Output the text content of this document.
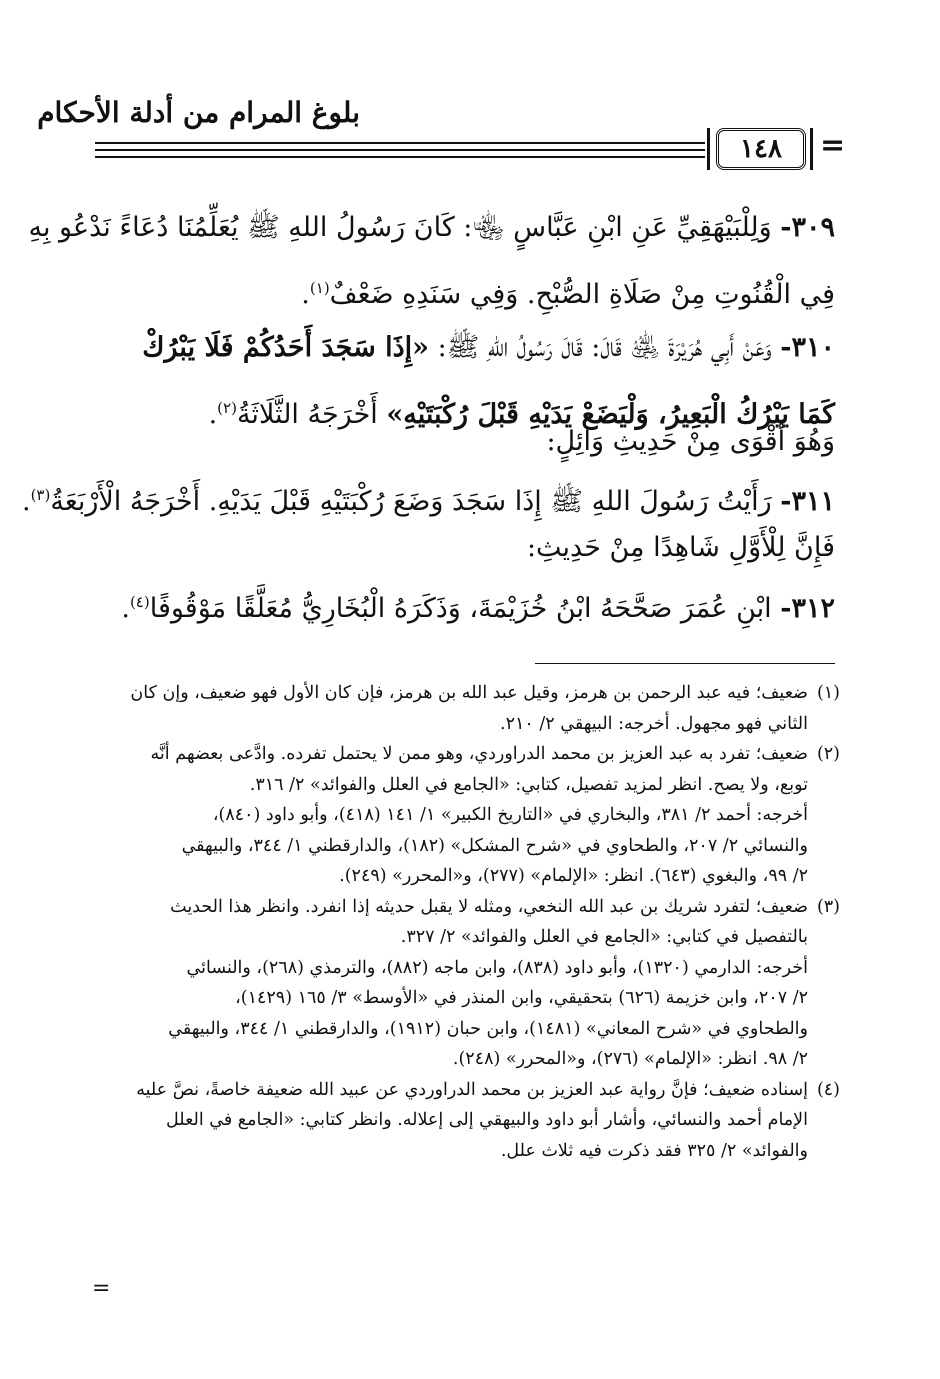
بلوغ المرام من أدلة الأحكام
١٤٨	=
٣٠٩- وَلِلْبَيْهَقِيِّ عَنِ ابْنِ عَبَّاسٍ ﵄: كَانَ رَسُولُ اللهِ ﷺ يُعَلِّمُنَا دُعَاءً نَدْعُو بِهِ
فِي الْقُنُوتِ مِنْ صَلَاةِ الصُّبْحِ. وَفِي سَنَدِهِ ضَعْفٌ$^{(١)}$.
٣١٠- وَعَنْ أَبِي هُرَيْرَةَ ﵁ قَالَ: قَالَ رَسُولُ اللهِ ﷺ: «إِذَا سَجَدَ أَحَدُكُمْ فَلَا يَبْرُكْ
كَمَا يَبْرُكُ الْبَعِيرُ، وَلْيَضَعْ يَدَيْهِ قَبْلَ رُكْبَتَيْهِ» أَخْرَجَهُ الثَّلَاثَةُ$^{(٢)}$.
وَهُوَ أَقْوَى مِنْ حَدِيثِ وَائِلٍ:
٣١١- رَأَيْتُ رَسُولَ اللهِ ﷺ إِذَا سَجَدَ وَضَعَ رُكْبَتَيْهِ قَبْلَ يَدَيْهِ. أَخْرَجَهُ الْأَرْبَعَةُ$^{(٣)}$.
فَإِنَّ لِلْأَوَّلِ شَاهِدًا مِنْ حَدِيثِ:
٣١٢- ابْنِ عُمَرَ صَحَّحَهُ ابْنُ خُزَيْمَةَ، وَذَكَرَهُ الْبُخَارِيُّ مُعَلَّقًا مَوْقُوفًا$^{(٤)}$.
(١)ضعيف؛ فيه عبد الرحمن بن هرمز، وقيل عبد الله بن هرمز، فإن كان الأول فهو ضعيف، وإن كان
الثاني فهو مجهول. أخرجه: البيهقي ٢/ ٢١٠.
(٢)ضعيف؛ تفرد به عبد العزيز بن محمد الدراوردي، وهو ممن لا يحتمل تفرده. وادَّعى بعضهم أنَّه
توبع، ولا يصح. انظر لمزيد تفصيل، كتابي: «الجامع في العلل والفوائد» ٢/ ٣١٦.
أخرجه: أحمد ٢/ ٣٨١، والبخاري في «التاريخ الكبير» ١/ ١٤١ (٤١٨)، وأبو داود (٨٤٠)،
والنسائي ٢/ ٢٠٧، والطحاوي في «شرح المشكل» (١٨٢)، والدارقطني ١/ ٣٤٤، والبيهقي
٢/ ٩٩، والبغوي (٦٤٣). انظر: «الإلمام» (٢٧٧)، و«المحرر» (٢٤٩).
(٣)ضعيف؛ لتفرد شريك بن عبد الله النخعي، ومثله لا يقبل حديثه إذا انفرد. وانظر هذا الحديث
بالتفصيل في كتابي: «الجامع في العلل والفوائد» ٢/ ٣٢٧.
أخرجه: الدارمي (١٣٢٠)، وأبو داود (٨٣٨)، وابن ماجه (٨٨٢)، والترمذي (٢٦٨)، والنسائي
٢/ ٢٠٧، وابن خزيمة (٦٢٦) بتحقيقي، وابن المنذر في «الأوسط» ٣/ ١٦٥ (١٤٢٩)،
والطحاوي في «شرح المعاني» (١٤٨١)، وابن حبان (١٩١٢)، والدارقطني ١/ ٣٤٤، والبيهقي
٢/ ٩٨. انظر: «الإلمام» (٢٧٦)، و«المحرر» (٢٤٨).
(٤)إسناده ضعيف؛ فإنَّ رواية عبد العزيز بن محمد الدراوردي عن عبيد الله ضعيفة خاصةً، نصَّ عليه
الإمام أحمد والنسائي، وأشار أبو داود والبيهقي إلى إعلاله. وانظر كتابي: «الجامع في العلل
والفوائد» ٢/ ٣٢٥ فقد ذكرت فيه ثلاث علل.
=
